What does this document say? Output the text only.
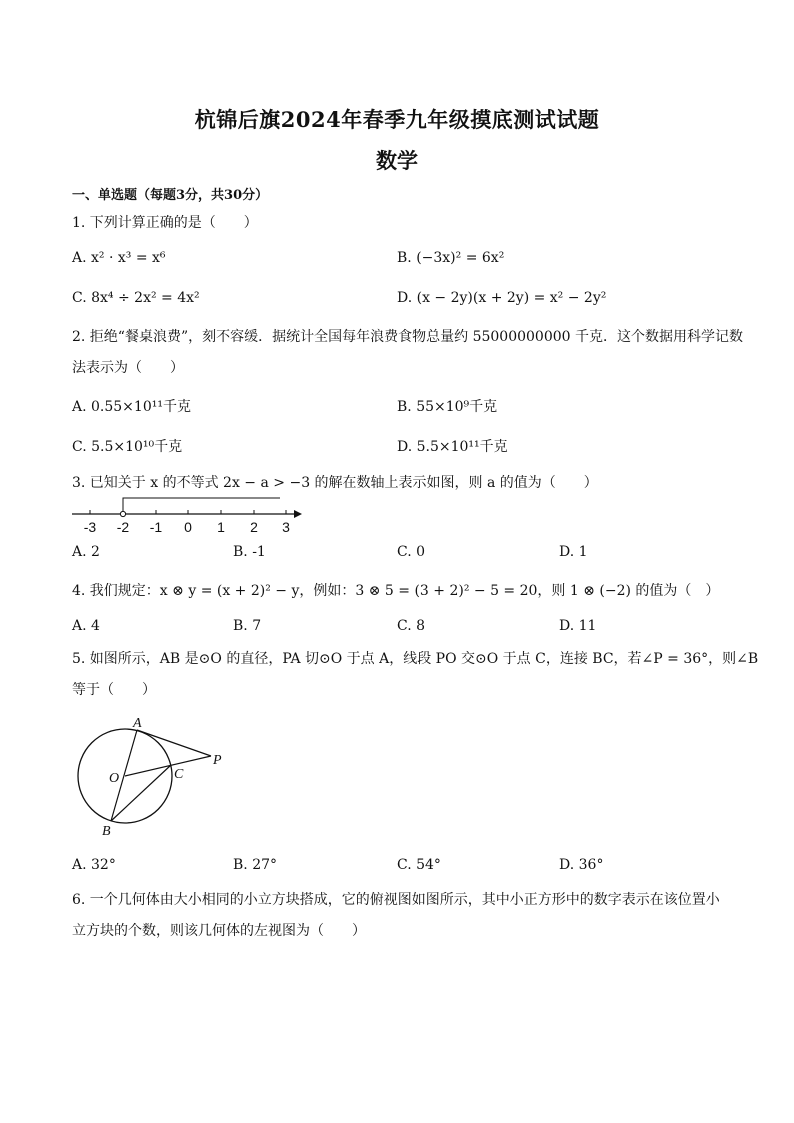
杭锦后旗2024年春季九年级摸底测试试题
数学
一、单选题（每题3分，共30分）
1. 下列计算正确的是（　　）
A. x² · x³ = x⁶	B. (−3x)² = 6x²
C. 8x⁴ ÷ 2x² = 4x²	D. (x − 2y)(x + 2y) = x² − 2y²
2. 拒绝“餐桌浪费”，刻不容缓．据统计全国每年浪费食物总量约 55000000000 千克．这个数据用科学记数
法表示为（　　）
A. 0.55×10¹¹千克	B. 55×10⁹千克
C. 5.5×10¹⁰千克	D. 5.5×10¹¹千克
3. 已知关于 x 的不等式 2x − a > −3 的解在数轴上表示如图，则 a 的值为（　　）
-3 -2 -1 0 1 2 3
A. 2	B. -1	C. 0	D. 1
4. 我们规定：x ⊗ y = (x + 2)² − y，例如：3 ⊗ 5 = (3 + 2)² − 5 = 20，则 1 ⊗ (−2) 的值为（　）
A. 4	B. 7	C. 8	D. 11
5. 如图所示，AB 是⊙O 的直径，PA 切⊙O 于点 A，线段 PO 交⊙O 于点 C，连接 BC，若∠P = 36°，则∠B
等于（　　）
A
O	C
P
B
A. 32°	B. 27°	C. 54°	D. 36°
6. 一个几何体由大小相同的小立方块搭成，它的俯视图如图所示，其中小正方形中的数字表示在该位置小
立方块的个数，则该几何体的左视图为（　　）
